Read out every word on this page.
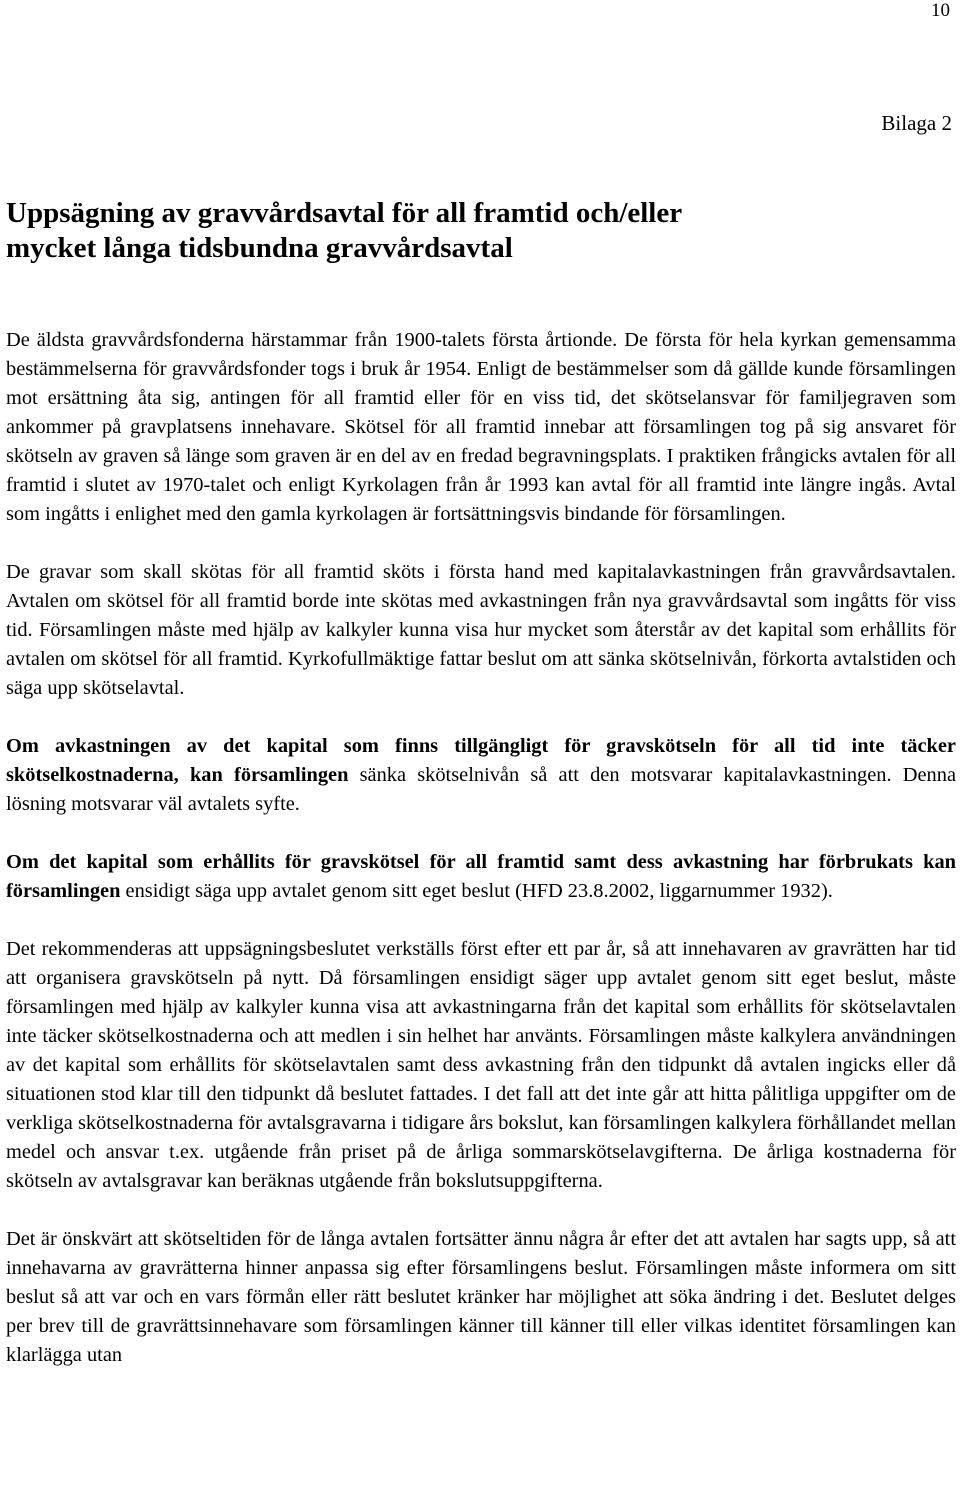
10
Bilaga 2
Uppsägning av gravvårdsavtal för all framtid och/eller
mycket långa tidsbundna gravvårdsavtal

De äldsta gravvårdsfonderna härstammar från 1900-talets första årtionde. De första för hela kyrkan gemensamma bestämmelserna för gravvårdsfonder togs i bruk år 1954. Enligt de bestämmelser som då gällde kunde församlingen mot ersättning åta sig, antingen för all framtid eller för en viss tid, det skötselansvar för familjegraven som ankommer på gravplatsens innehavare. Skötsel för all framtid innebar att församlingen tog på sig ansvaret för skötseln av graven så länge som graven är en del av en fredad begravningsplats. I praktiken frångicks avtalen för all framtid i slutet av 1970-talet och enligt Kyrkolagen från år 1993 kan avtal för all framtid inte längre ingås. Avtal som ingåtts i enlighet med den gamla kyrkolagen är fortsättningsvis bindande för församlingen.

De gravar som skall skötas för all framtid sköts i första hand med kapitalavkastningen från gravvårdsavtalen. Avtalen om skötsel för all framtid borde inte skötas med avkastningen från nya gravvårdsavtal som ingåtts för viss tid. Församlingen måste med hjälp av kalkyler kunna visa hur mycket som återstår av det kapital som erhållits för avtalen om skötsel för all framtid. Kyrkofullmäktige fattar beslut om att sänka skötselnivån, förkorta avtalstiden och säga upp skötselavtal.

Om avkastningen av det kapital som finns tillgängligt för gravskötseln för all tid inte täcker skötselkostnaderna, kan församlingen sänka skötselnivån så att den motsvarar kapitalavkastningen. Denna lösning motsvarar väl avtalets syfte.

Om det kapital som erhållits för gravskötsel för all framtid samt dess avkastning har förbrukats kan församlingen ensidigt säga upp avtalet genom sitt eget beslut (HFD 23.8.2002, liggarnummer 1932).

Det rekommenderas att uppsägningsbeslutet verkställs först efter ett par år, så att innehavaren av gravrätten har tid att organisera gravskötseln på nytt. Då församlingen ensidigt säger upp avtalet genom sitt eget beslut, måste församlingen med hjälp av kalkyler kunna visa att avkastningarna från det kapital som erhållits för skötselavtalen inte täcker skötselkostnaderna och att medlen i sin helhet har använts. Församlingen måste kalkylera användningen av det kapital som erhållits för skötselavtalen samt dess avkastning från den tidpunkt då avtalen ingicks eller då situationen stod klar till den tidpunkt då beslutet fattades. I det fall att det inte går att hitta pålitliga uppgifter om de verkliga skötselkostnaderna för avtalsgravarna i tidigare års bokslut, kan församlingen kalkylera förhållandet mellan medel och ansvar t.ex. utgående från priset på de årliga sommarskötselavgifterna. De årliga kostnaderna för skötseln av avtalsgravar kan beräknas utgående från bokslutsuppgifterna.

Det är önskvärt att skötseltiden för de långa avtalen fortsätter ännu några år efter det att avtalen har sagts upp, så att innehavarna av gravrätterna hinner anpassa sig efter församlingens beslut. Församlingen måste informera om sitt beslut så att var och en vars förmån eller rätt beslutet kränker har möjlighet att söka ändring i det. Beslutet delges per brev till de gravrättsinnehavare som församlingen känner till känner till eller vilkas identitet församlingen kan klarlägga utan
